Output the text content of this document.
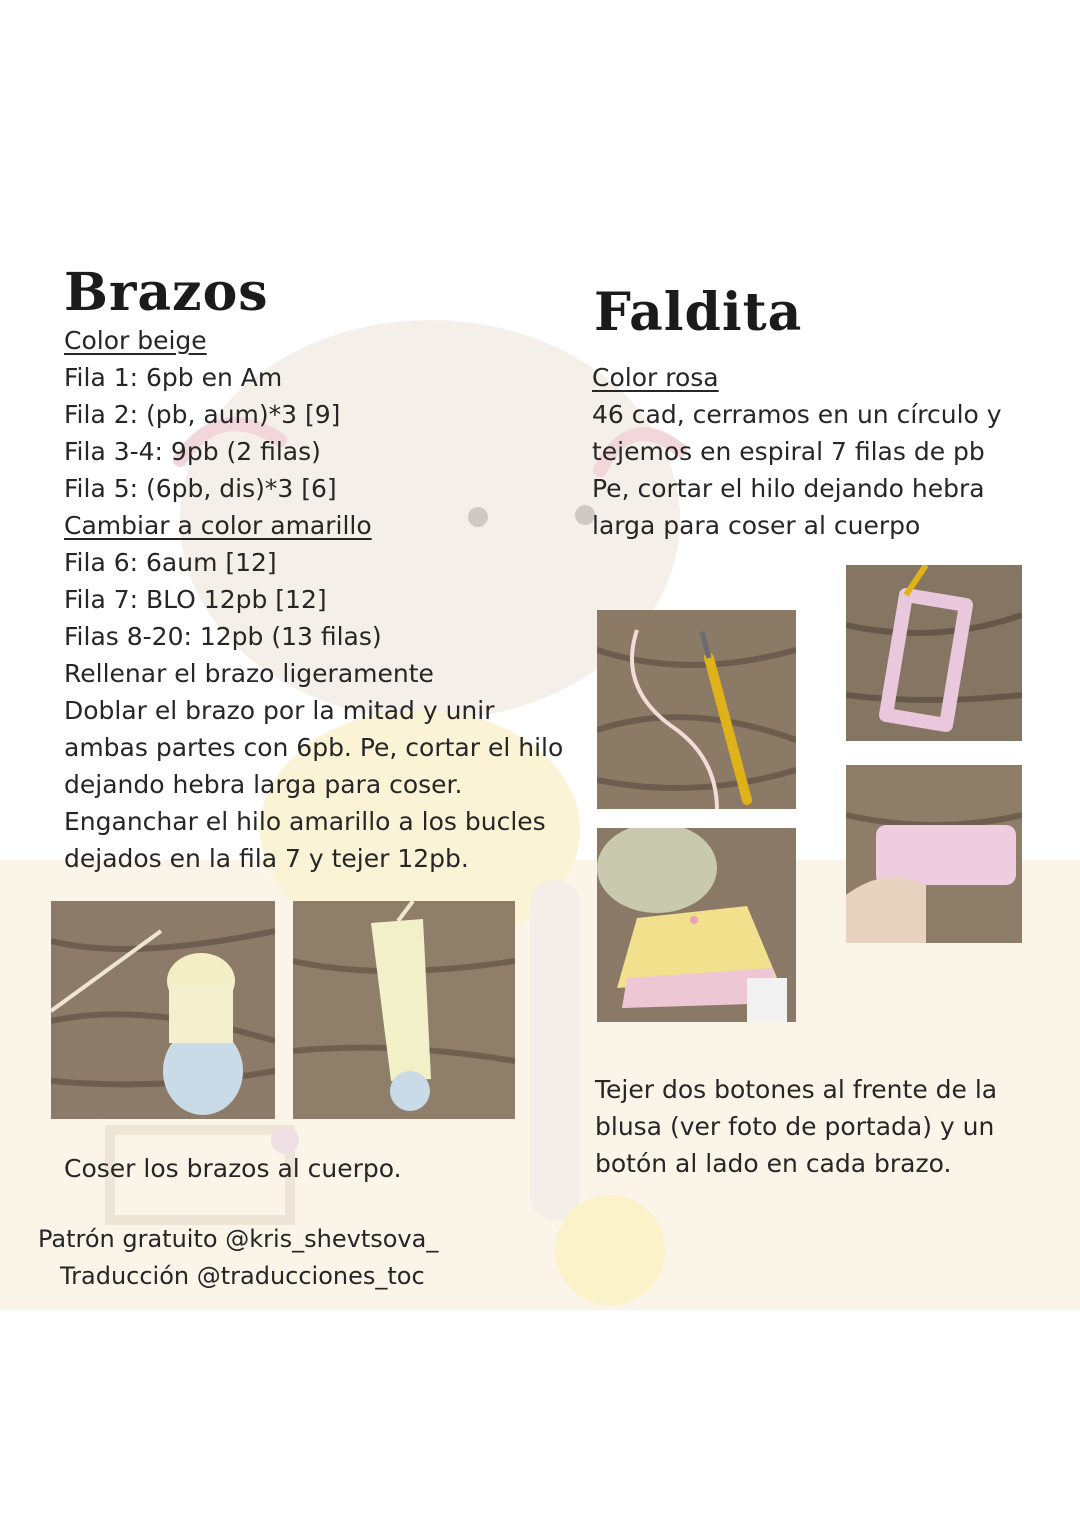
Brazos
Color beige
Fila 1: 6pb en Am
Fila 2: (pb, aum)*3 [9]
Fila 3-4: 9pb (2 filas)
Fila 5: (6pb, dis)*3 [6]
Cambiar a color amarillo
Fila 6: 6aum [12]
Fila 7: BLO 12pb [12]
Filas 8-20: 12pb (13 filas)
Rellenar el brazo ligeramente
Doblar el brazo por la mitad y unir
ambas partes con 6pb. Pe, cortar el hilo
dejando hebra larga para coser.
Enganchar el hilo amarillo a los bucles
dejados en la fila 7 y tejer 12pb.
Faldita
Color rosa
46 cad, cerramos en un círculo y
tejemos en espiral 7 filas de pb
Pe, cortar el hilo dejando hebra
larga para coser al cuerpo
Coser los brazos al cuerpo.
Tejer dos botones al frente de la
blusa (ver foto de portada) y un
botón al lado en cada brazo.
Patrón gratuito @kris_shevtsova_
Traducción @traducciones_toc
